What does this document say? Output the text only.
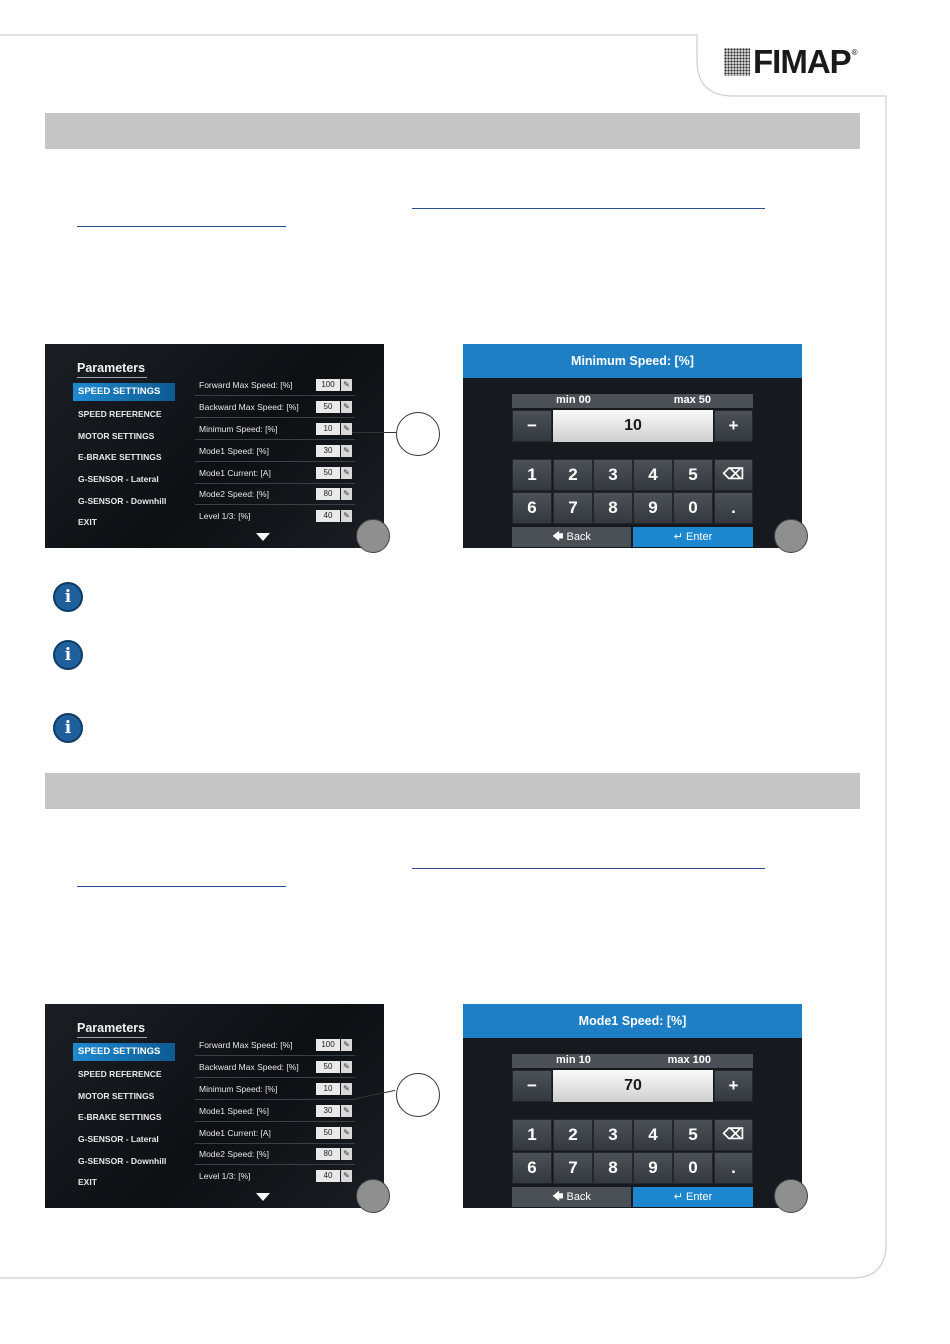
FIMAP ®
Parameters
SPEED SETTINGS
SPEED REFERENCE
MOTOR SETTINGS
E-BRAKE SETTINGS
G-SENSOR - Lateral
G-SENSOR - Downhill
EXIT
Forward Max Speed: [%]	100	✎
Backward Max Speed: [%]	50	✎
Minimum Speed: [%]	10	✎
Mode1 Speed: [%]	30	✎
Mode1 Current: [A]	50	✎
Mode2 Speed: [%]	80	✎
Level 1/3: [%]	40	✎
Minimum Speed: [%]
min 00	max 50
−	10	+
1	2	3	4	5	⌫
6	7	8	9	0	.
🡄 Back	↵ Enter
i
i
i
Parameters
SPEED SETTINGS
SPEED REFERENCE
MOTOR SETTINGS
E-BRAKE SETTINGS
G-SENSOR - Lateral
G-SENSOR - Downhill
EXIT
Forward Max Speed: [%]	100	✎
Backward Max Speed: [%]	50	✎
Minimum Speed: [%]	10	✎
Mode1 Speed: [%]	30	✎
Mode1 Current: [A]	50	✎
Mode2 Speed: [%]	80	✎
Level 1/3: [%]	40	✎
Mode1 Speed: [%]
min 10	max 100
−	70	+
1	2	3	4	5	⌫
6	7	8	9	0	.
🡄 Back	↵ Enter
